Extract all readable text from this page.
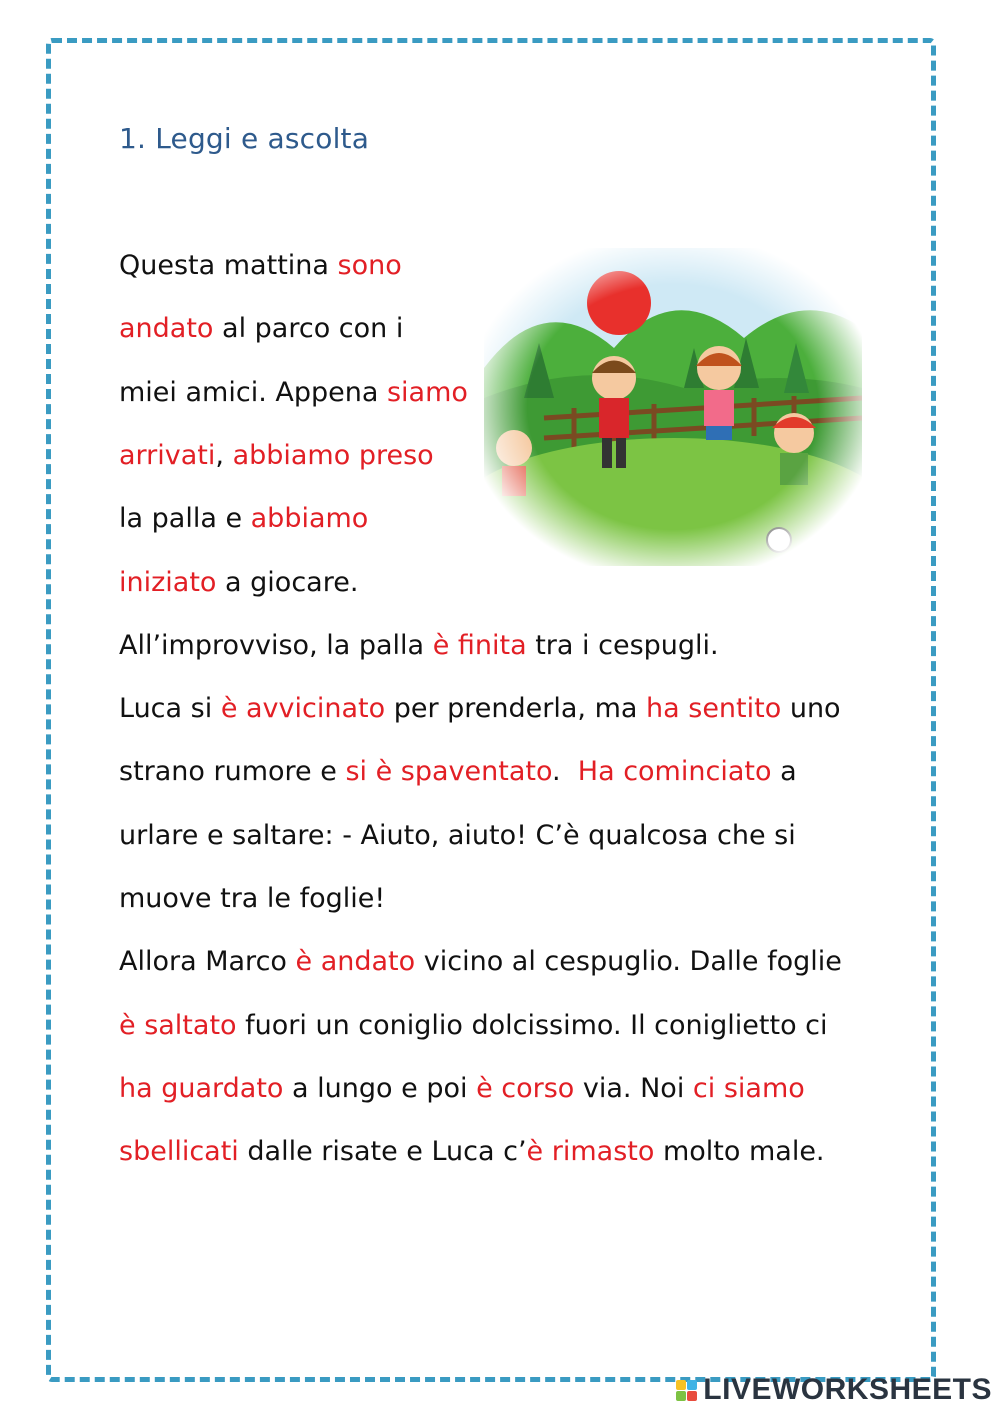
1. Leggi e ascolta
Questa mattina sono
andato al parco con i
miei amici. Appena siamo
arrivati, abbiamo preso
la palla e abbiamo
iniziato a giocare.
All’improvviso, la palla è finita tra i cespugli.
Luca si è avvicinato per prenderla, ma ha sentito uno
strano rumore e si è spaventato.  Ha cominciato a
urlare e saltare: - Aiuto, aiuto! C’è qualcosa che si
muove tra le foglie!
Allora Marco è andato vicino al cespuglio. Dalle foglie
è saltato fuori un coniglio dolcissimo. Il coniglietto ci
ha guardato a lungo e poi è corso via. Noi ci siamo
sbellicati dalle risate e Luca c’è rimasto molto male.
LIVEWORKSHEETS
